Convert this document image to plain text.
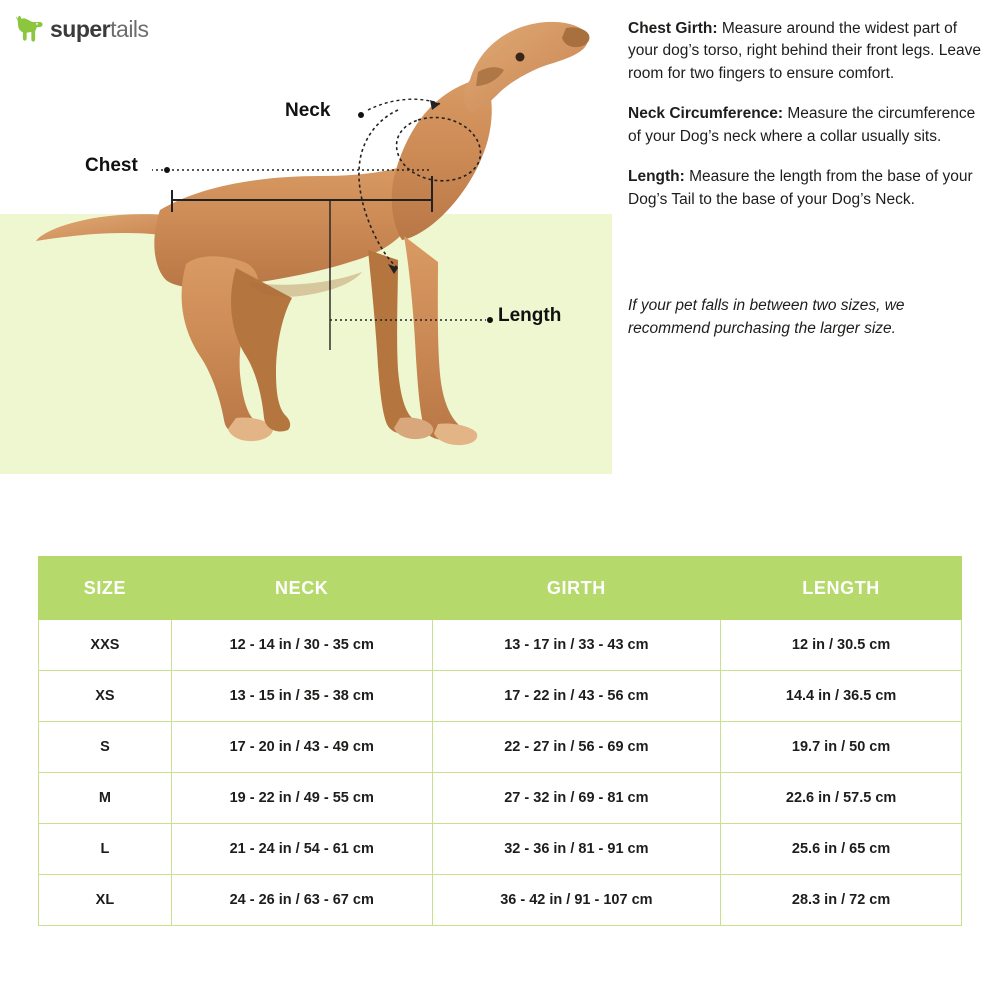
supertails
Neck
Chest
Length

Chest Girth: Measure around the widest part of your dog’s torso, right behind their front legs. Leave room for two fingers to ensure comfort.

Neck Circumference: Measure the circumference of your Dog’s neck where a collar usually sits.

Length: Measure the length from the base of your Dog’s Tail to the base of your Dog’s Neck.

If your pet falls in between two sizes, we recommend purchasing the larger size.

SIZE	NECK	GIRTH	LENGTH
XXS	12 - 14 in / 30 - 35 cm	13 - 17 in / 33 - 43 cm	12 in / 30.5 cm
XS	13 - 15 in / 35 - 38 cm	17 - 22 in / 43 - 56 cm	14.4 in / 36.5 cm
S	17 - 20 in / 43 - 49 cm	22 - 27 in / 56 - 69 cm	19.7 in / 50 cm
M	19 - 22 in / 49 - 55 cm	27 - 32 in / 69 - 81 cm	22.6 in / 57.5 cm
L	21 - 24 in / 54 - 61 cm	32 - 36 in / 81 - 91 cm	25.6 in / 65 cm
XL	24 - 26 in / 63 - 67 cm	36 - 42 in / 91 - 107 cm	28.3 in / 72 cm
